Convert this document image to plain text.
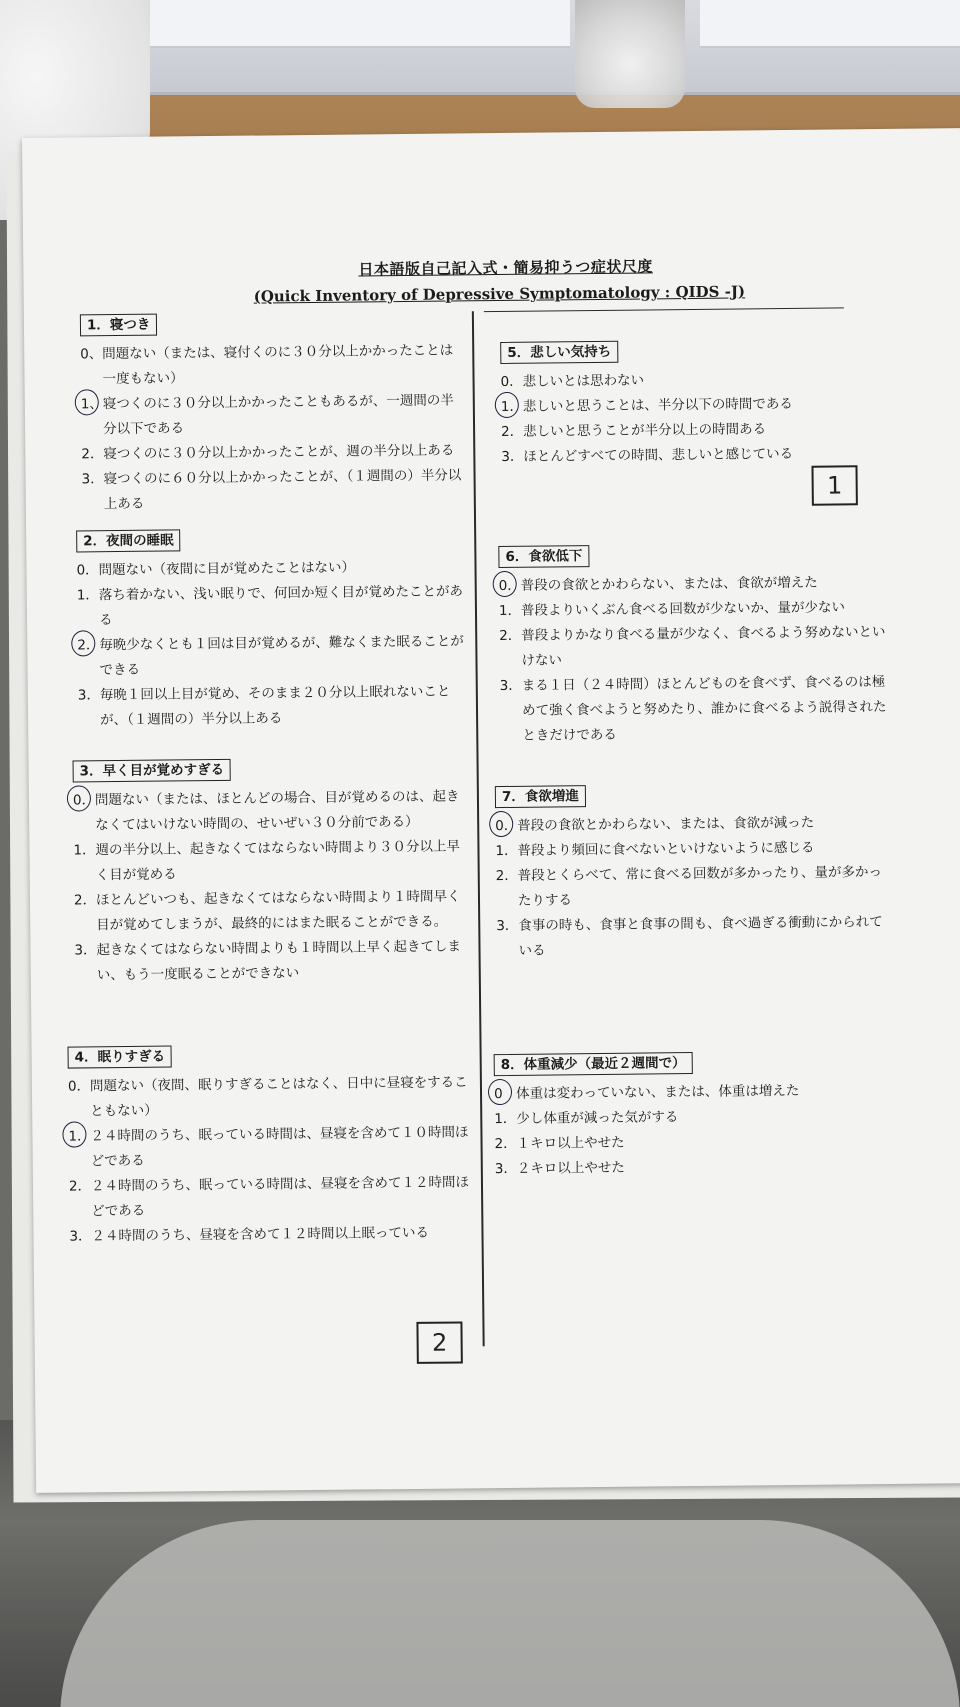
日本語版自己記入式・簡易抑うつ症状尺度
(Quick Inventory of Depressive Symptomatology : QIDS -J)
1．寝つき
0、問題ない（または、寝付くのに３０分以上かかったことは一度もない）
1、寝つくのに３０分以上かかったこともあるが、一週間の半分以下である
2．寝つくのに３０分以上かかったことが、週の半分以上ある
3．寝つくのに６０分以上かかったことが、（１週間の）半分以上ある
2．夜間の睡眠
0．問題ない（夜間に目が覚めたことはない）
1．落ち着かない、浅い眠りで、何回か短く目が覚めたことがある
2．毎晩少なくとも１回は目が覚めるが、難なくまた眠ることができる
3．毎晩１回以上目が覚め、そのまま２０分以上眠れないことが、（１週間の）半分以上ある
3．早く目が覚めすぎる
0．問題ない（または、ほとんどの場合、目が覚めるのは、起きなくてはいけない時間の、せいぜい３０分前である）
1．週の半分以上、起きなくてはならない時間より３０分以上早く目が覚める
2．ほとんどいつも、起きなくてはならない時間より１時間早く目が覚めてしまうが、最終的にはまた眠ることができる。
3．起きなくてはならない時間よりも１時間以上早く起きてしまい、もう一度眠ることができない
4．眠りすぎる
0．問題ない（夜間、眠りすぎることはなく、日中に昼寝をすることもない）
1．２４時間のうち、眠っている時間は、昼寝を含めて１０時間ほどである
2．２４時間のうち、眠っている時間は、昼寝を含めて１２時間ほどである
3．２４時間のうち、昼寝を含めて１２時間以上眠っている
5．悲しい気持ち
0．悲しいとは思わない
1．悲しいと思うことは、半分以下の時間である
2．悲しいと思うことが半分以上の時間ある
3．ほとんどすべての時間、悲しいと感じている
1
6．食欲低下
0．普段の食欲とかわらない、または、食欲が増えた
1．普段よりいくぶん食べる回数が少ないか、量が少ない
2．普段よりかなり食べる量が少なく、食べるよう努めないといけない
3．まる１日（２４時間）ほとんどものを食べず、食べるのは極めて強く食べようと努めたり、誰かに食べるよう説得されたときだけである
7．食欲増進
0．普段の食欲とかわらない、または、食欲が減った
1．普段より頻回に食べないといけないように感じる
2．普段とくらべて、常に食べる回数が多かったり、量が多かったりする
3．食事の時も、食事と食事の間も、食べ過ぎる衝動にかられている
8．体重減少（最近２週間で）
0 体重は変わっていない、または、体重は増えた
1．少し体重が減った気がする
2．１キロ以上やせた
3．２キロ以上やせた
2
